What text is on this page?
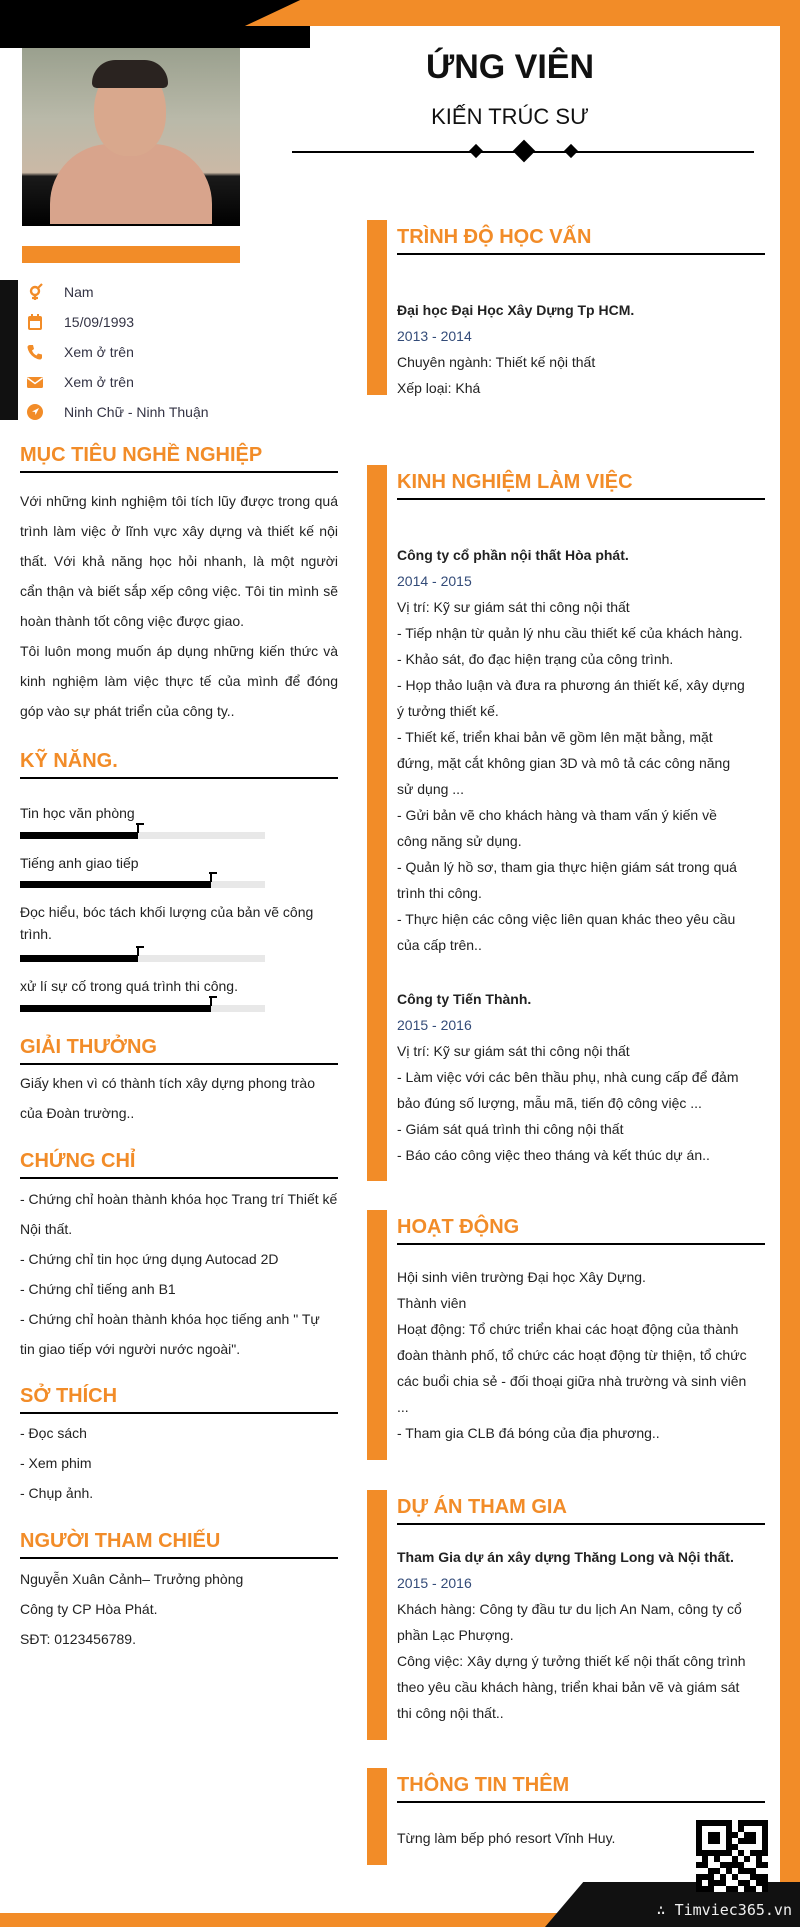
∴ Timviec365.vn
Nam
15/09/1993
Xem ở trên
Xem ở trên
Ninh Chữ - Ninh Thuận
MỤC TIÊU NGHỀ NGHIỆP
Với những kinh nghiệm tôi tích lũy được trong quá trình làm việc ở lĩnh vực xây dựng và thiết kế nội thất. Với khả năng học hỏi nhanh, là một người cẩn thận và biết sắp xếp công việc. Tôi tin mình sẽ hoàn thành tốt công việc được giao.
Tôi luôn mong muốn áp dụng những kiến thức và kinh nghiệm làm việc thực tế của mình để đóng góp vào sự phát triển của công ty..
KỸ NĂNG.
Tin học văn phòng
Tiếng anh giao tiếp
Đọc hiểu, bóc tách khối lượng của bản vẽ công trình.
xử lí sự cố trong quá trình thi công.
GIẢI THƯỞNG
Giấy khen vì có thành tích xây dựng phong trào của Đoàn trường..
CHỨNG CHỈ
- Chứng chỉ hoàn thành khóa học Trang trí Thiết kế Nội thất.
- Chứng chỉ tin học ứng dụng Autocad 2D
- Chứng chỉ tiếng anh B1
- Chứng chỉ hoàn thành khóa học tiếng anh " Tự tin giao tiếp với người nước ngoài".
SỞ THÍCH
- Đọc sách
- Xem phim
- Chụp ảnh.
NGƯỜI THAM CHIẾU
Nguyễn Xuân Cảnh– Trưởng phòng
Công ty CP Hòa Phát.
SĐT: 0123456789.
ỨNG VIÊN
KIẾN TRÚC SƯ
TRÌNH ĐỘ HỌC VẤN
Đại học Đại Học Xây Dựng Tp HCM.
2013 - 2014
Chuyên ngành: Thiết kế nội thất
Xếp loại: Khá
KINH NGHIỆM LÀM VIỆC
Công ty cổ phần nội thất Hòa phát.
2014 - 2015
Vị trí: Kỹ sư giám sát thi công nội thất
- Tiếp nhận từ quản lý nhu cầu thiết kế của khách hàng.
- Khảo sát, đo đạc hiện trạng của công trình.
- Họp thảo luận và đưa ra phương án thiết kế, xây dựng ý tưởng thiết kế.
- Thiết kế, triển khai bản vẽ gồm lên mặt bằng, mặt đứng, mặt cắt không gian 3D và mô tả các công năng sử dụng ...
- Gửi bản vẽ cho khách hàng và tham vấn ý kiến về công năng sử dụng.
- Quản lý hồ sơ, tham gia thực hiện giám sát trong quá trình thi công.
- Thực hiện các công việc liên quan khác theo yêu cầu của cấp trên..
Công ty Tiến Thành.
2015 - 2016
Vị trí: Kỹ sư giám sát thi công nội thất
- Làm việc với các bên thầu phụ, nhà cung cấp để đảm bảo đúng số lượng, mẫu mã, tiến độ công việc ...
- Giám sát quá trình thi công nội thất
- Báo cáo công việc theo tháng và kết thúc dự án..
HOẠT ĐỘNG
Hội sinh viên trường Đại học Xây Dựng.
Thành viên
Hoạt động: Tổ chức triển khai các hoạt động của thành đoàn thành phố, tổ chức các hoạt động từ thiện, tổ chức các buổi chia sẻ - đối thoại giữa nhà trường và sinh viên ...
- Tham gia CLB đá bóng của địa phương..
DỰ ÁN THAM GIA
Tham Gia dự án xây dựng Thăng Long và Nội thất.
2015 - 2016
Khách hàng: Công ty đầu tư du lịch An Nam, công ty cổ phần Lạc Phượng.
Công việc: Xây dựng ý tưởng thiết kế nội thất công trình theo yêu cầu khách hàng, triển khai bản vẽ và giám sát thi công nội thất..
THÔNG TIN THÊM
Từng làm bếp phó resort Vĩnh Huy.
